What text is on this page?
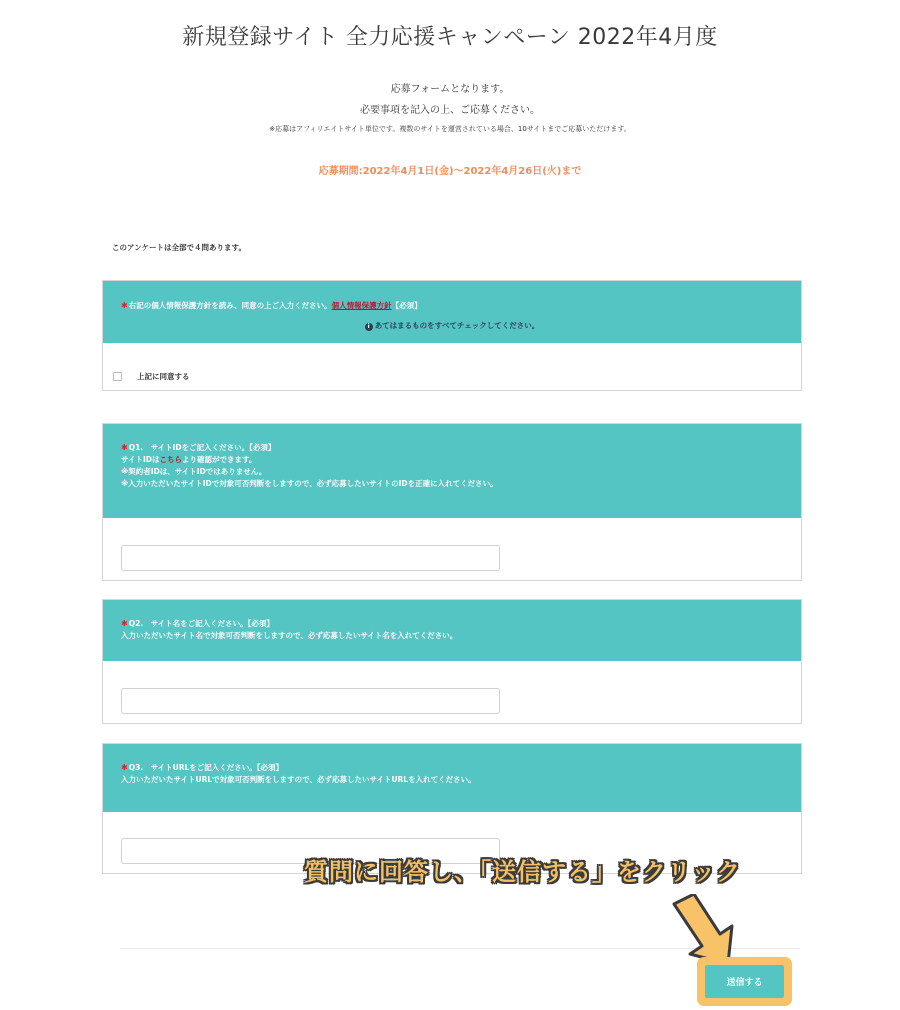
新規登録サイト 全力応援キャンペーン 2022年4月度

応募フォームとなります。

必要事項を記入の上、ご応募ください。

※応募はアフィリエイトサイト単位です。複数のサイトを運営されている場合、10サイトまでご応募いただけます。

応募期間:2022年4月1日(金)〜2022年4月26日(火)まで

このアンケートは全部で４問あります。

✱右記の個人情報保護方針を読み、同意の上ご入力ください。個人情報保護方針【必須】
i あてはまるものをすべてチェックしてください。
上記に同意する
✱Q1.　サイトIDをご記入ください。【必須】
サイトIDはこちらより確認ができます。
※契約者IDは、サイトIDではありません。
※入力いただいたサイトIDで対象可否判断をしますので、必ず応募したいサイトのIDを正確に入れてください。
✱Q2.　サイト名をご記入ください。【必須】
入力いただいたサイト名で対象可否判断をしますので、必ず応募したいサイト名を入れてください。
✱Q3.　サイトURLをご記入ください。【必須】
入力いただいたサイトURLで対象可否判断をしますので、必ず応募したいサイトURLを入れてください。
質問に回答し、「送信する」をクリック
送信する
